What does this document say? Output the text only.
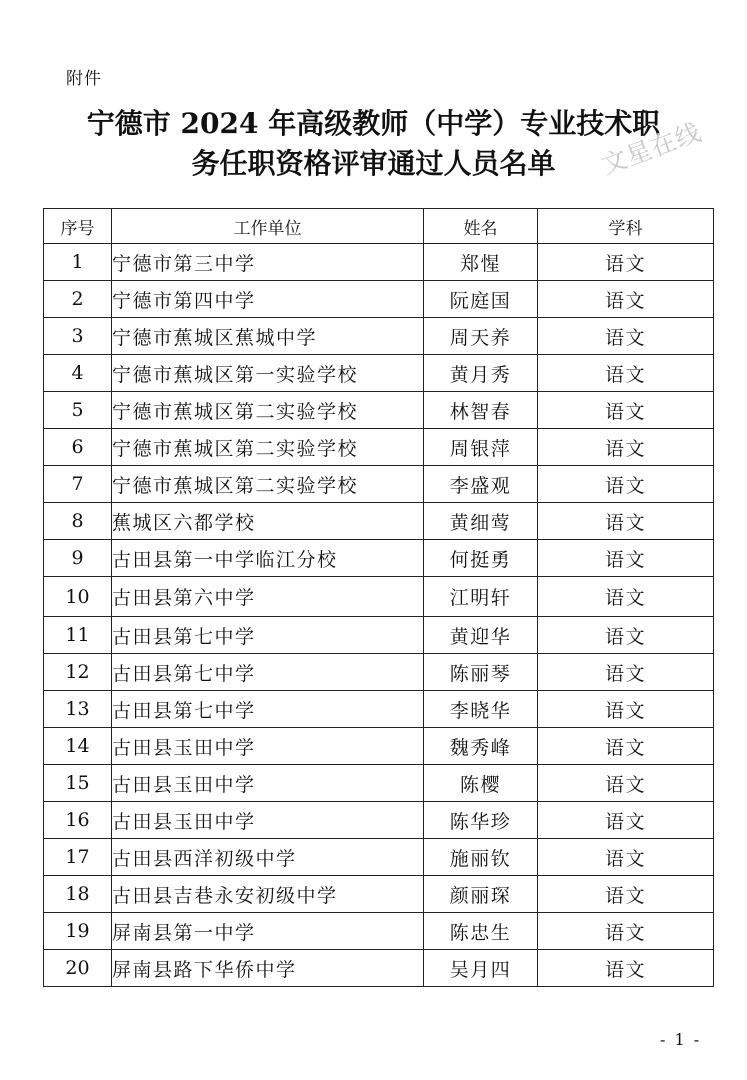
附件
宁德市 2024 年高级教师（中学）专业技术职
务任职资格评审通过人员名单	文星在线
序号	工作单位	姓名	学科
1	宁德市第三中学	郑惺	语文
2	宁德市第四中学	阮庭国	语文
3	宁德市蕉城区蕉城中学	周天养	语文
4	宁德市蕉城区第一实验学校	黄月秀	语文
5	宁德市蕉城区第二实验学校	林智春	语文
6	宁德市蕉城区第二实验学校	周银萍	语文
7	宁德市蕉城区第二实验学校	李盛观	语文
8	蕉城区六都学校	黄细莺	语文
9	古田县第一中学临江分校	何挺勇	语文
10	古田县第六中学	江明轩	语文
11	古田县第七中学	黄迎华	语文
12	古田县第七中学	陈丽琴	语文
13	古田县第七中学	李晓华	语文
14	古田县玉田中学	魏秀峰	语文
15	古田县玉田中学	陈樱	语文
16	古田县玉田中学	陈华珍	语文
17	古田县西洋初级中学	施丽钦	语文
18	古田县吉巷永安初级中学	颜丽琛	语文
19	屏南县第一中学	陈忠生	语文
20	屏南县路下华侨中学	吴月四	语文
- 1 -
